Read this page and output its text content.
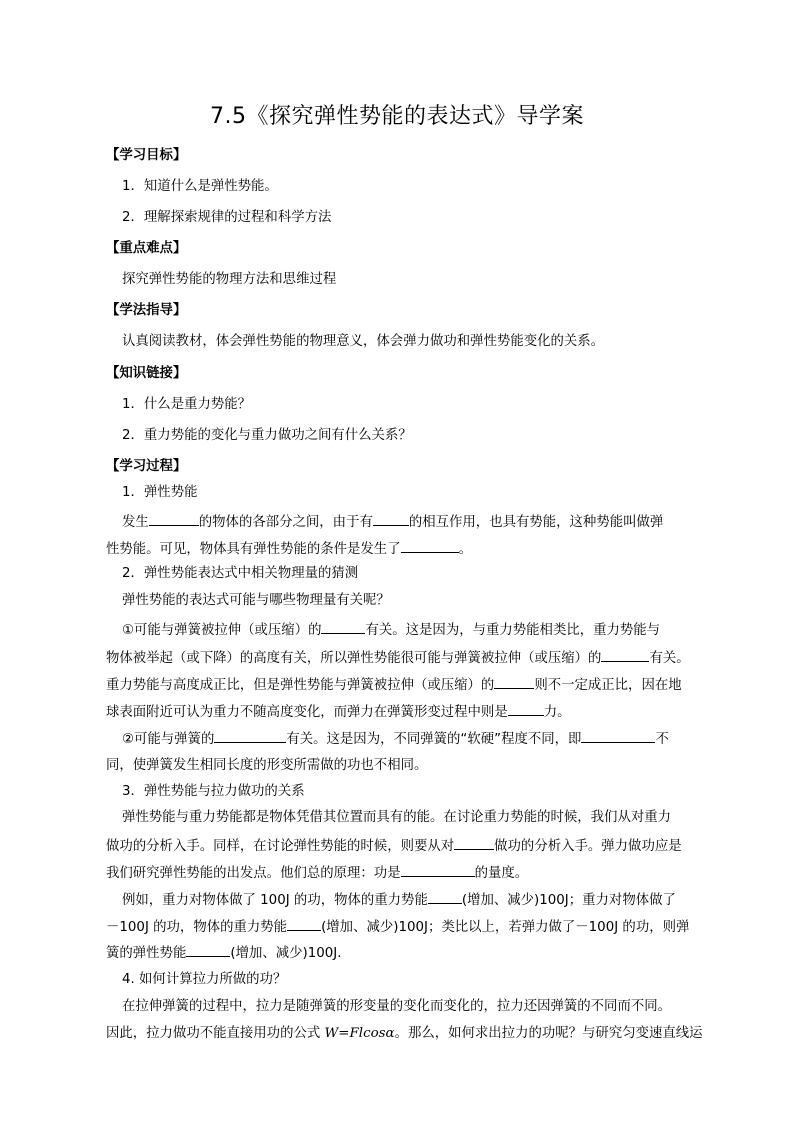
7.5《探究弹性势能的表达式》导学案
【学习目标】
1．知道什么是弹性势能。
2．理解探索规律的过程和科学方法
【重点难点】
探究弹性势能的物理方法和思维过程
【学法指导】
认真阅读教材，体会弹性势能的物理意义，体会弹力做功和弹性势能变化的关系。
【知识链接】
1．什么是重力势能？
2．重力势能的变化与重力做功之间有什么关系？
【学习过程】
1．弹性势能
发生	的物体的各部分之间，由于有	的相互作用，也具有势能，这种势能叫做弹
性势能。可见，物体具有弹性势能的条件是发生了	。
2．弹性势能表达式中相关物理量的猜测
弹性势能的表达式可能与哪些物理量有关呢？
①可能与弹簧被拉伸（或压缩）的	有关。这是因为，与重力势能相类比，重力势能与
物体被举起（或下降）的高度有关，所以弹性势能很可能与弹簧被拉伸（或压缩）的	有关。
重力势能与高度成正比，但是弹性势能与弹簧被拉伸（或压缩）的	则不一定成正比，因在地
球表面附近可认为重力不随高度变化，而弹力在弹簧形变过程中则是	力。
②可能与弹簧的	有关。这是因为，不同弹簧的“软硬”程度不同，即	不
同，使弹簧发生相同长度的形变所需做的功也不相同。
3．弹性势能与拉力做功的关系
弹性势能与重力势能都是物体凭借其位置而具有的能。在讨论重力势能的时候，我们从对重力
做功的分析入手。同样，在讨论弹性势能的时候，则要从对	做功的分析入手。弹力做功应是
我们研究弹性势能的出发点。他们总的原理：功是	的量度。
例如，重力对物体做了 100J 的功，物体的重力势能	(增加、减少)100J；重力对物体做了
－100J 的功，物体的重力势能	(增加、减少)100J；类比以上，若弹力做了－100J 的功，则弹
簧的弹性势能	(增加、减少)100J.
4. 如何计算拉力所做的功？
在拉伸弹簧的过程中，拉力是随弹簧的形变量的变化而变化的，拉力还因弹簧的不同而不同。
因此，拉力做功不能直接用功的公式 W=Flcosα。那么，如何求出拉力的功呢？与研究匀变速直线运
